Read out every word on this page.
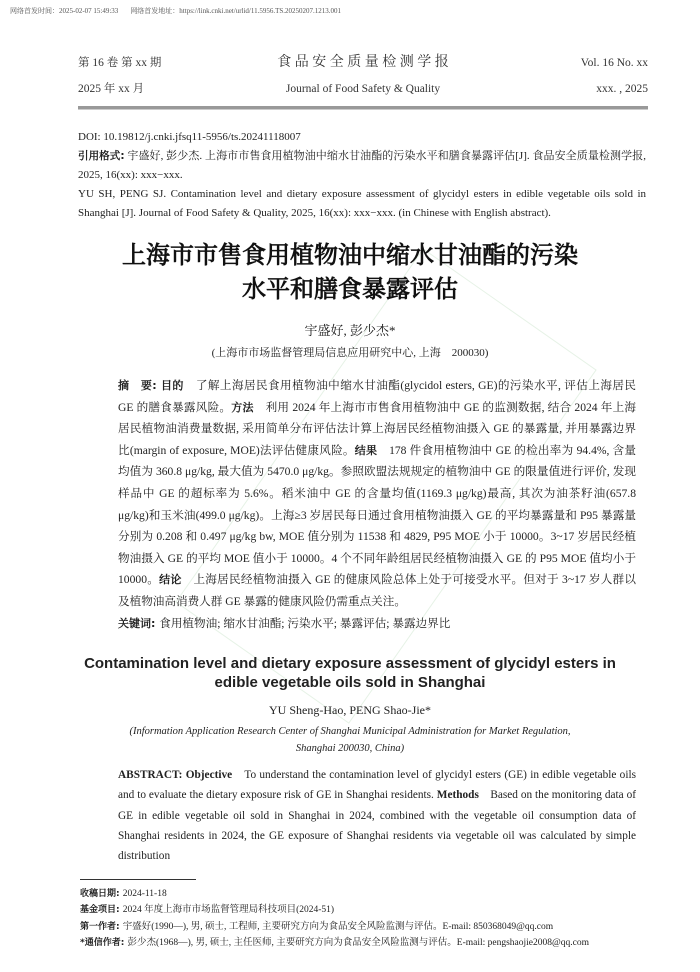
网络首发时间：2025-02-07 15:49:33 网络首发地址：https://link.cnki.net/urlid/11.5956.TS.20250207.1213.001
第 16 卷 第 xx 期	食 品 安 全 质 量 检 测 学 报	Vol. 16 No. xx
2025 年 xx 月	Journal of Food Safety & Quality	xxx. , 2025
DOI: 10.19812/j.cnki.jfsq11-5956/ts.20241118007
引用格式: 宇盛好, 彭少杰. 上海市市售食用植物油中缩水甘油酯的污染水平和膳食暴露评估[J]. 食品安全质量检测学报, 2025, 16(xx): xxx−xxx.
YU SH, PENG SJ. Contamination level and dietary exposure assessment of glycidyl esters in edible vegetable oils sold in Shanghai [J]. Journal of Food Safety & Quality, 2025, 16(xx): xxx−xxx. (in Chinese with English abstract).
上海市市售食用植物油中缩水甘油酯的污染
水平和膳食暴露评估
宇盛好, 彭少杰*
(上海市市场监督管理局信息应用研究中心, 上海　200030)
摘　要: 目的　了解上海居民食用植物油中缩水甘油酯(glycidol esters, GE)的污染水平, 评估上海居民 GE 的膳食暴露风险。方法　利用 2024 年上海市市售食用植物油中 GE 的监测数据, 结合 2024 年上海居民植物油消费量数据, 采用简单分布评估法计算上海居民经植物油摄入 GE 的暴露量, 并用暴露边界比(margin of exposure, MOE)法评估健康风险。结果　178 件食用植物油中 GE 的检出率为 94.4%, 含量均值为 360.8 μg/kg, 最大值为 5470.0 μg/kg。参照欧盟法规规定的植物油中 GE 的限量值进行评价, 发现样品中 GE 的超标率为 5.6%。稻米油中 GE 的含量均值(1169.3 μg/kg)最高, 其次为油茶籽油(657.8 μg/kg)和玉米油(499.0 μg/kg)。上海≥3 岁居民每日通过食用植物油摄入 GE 的平均暴露量和 P95 暴露量分别为 0.208 和 0.497 μg/kg bw, MOE 值分别为 11538 和 4829, P95 MOE 小于 10000。3~17 岁居民经植物油摄入 GE 的平均 MOE 值小于 10000。4 个不同年龄组居民经植物油摄入 GE 的 P95 MOE 值均小于 10000。结论　上海居民经植物油摄入 GE 的健康风险总体上处于可接受水平。但对于 3~17 岁人群以及植物油高消费人群 GE 暴露的健康风险仍需重点关注。
关键词: 食用植物油; 缩水甘油酯; 污染水平; 暴露评估; 暴露边界比
Contamination level and dietary exposure assessment of glycidyl esters in
edible vegetable oils sold in Shanghai
YU Sheng-Hao, PENG Shao-Jie*
(Information Application Research Center of Shanghai Municipal Administration for Market Regulation,
Shanghai 200030, China)
ABSTRACT: Objective　To understand the contamination level of glycidyl esters (GE) in edible vegetable oils and to evaluate the dietary exposure risk of GE in Shanghai residents. Methods　Based on the monitoring data of GE in edible vegetable oil sold in Shanghai in 2024, combined with the vegetable oil consumption data of Shanghai residents in 2024, the GE exposure of Shanghai residents via vegetable oil was calculated by simple distribution
收稿日期: 2024-11-18
基金项目: 2024 年度上海市市场监督管理局科技项目(2024-51)
第一作者: 宇盛好(1990—), 男, 硕士, 工程师, 主要研究方向为食品安全风险监测与评估。E-mail: 850368049@qq.com
*通信作者: 彭少杰(1968—), 男, 硕士, 主任医师, 主要研究方向为食品安全风险监测与评估。E-mail: pengshaojie2008@qq.com
